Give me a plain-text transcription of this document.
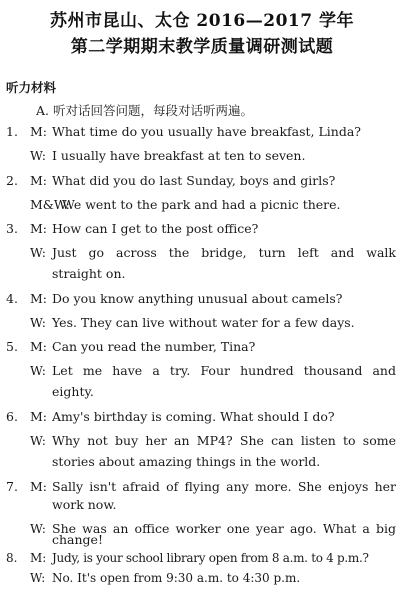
苏州市昆山、太仓 2016—2017 学年
第二学期期末教学质量调研测试题
听力材料
A. 听对话回答问题，每段对话听两遍。
1. M: What time do you usually have breakfast, Linda?
W: I usually have breakfast at ten to seven.
2. M: What did you do last Sunday, boys and girls?
M&W:
We went to the park and had a picnic there.
3. M: How can I get to the post office?
W: Just go across the bridge, turn left and walk
straight on.
4. M: Do you know anything unusual about camels?
W: Yes. They can live without water for a few days.
5. M: Can you read the number, Tina?
W: Let me have a try. Four hundred thousand and
eighty.
6. M: Amy's birthday is coming. What should I do?
W: Why not buy her an MP4? She can listen to some
stories about amazing things in the world.
7. M: Sally isn't afraid of flying any more. She enjoys her
work now.
W: She was an office worker one year ago. What a big
change!
8. M: Judy, is your school library open from 8 a.m. to 4 p.m.?
W: No. It's open from 9:30 a.m. to 4:30 p.m.
